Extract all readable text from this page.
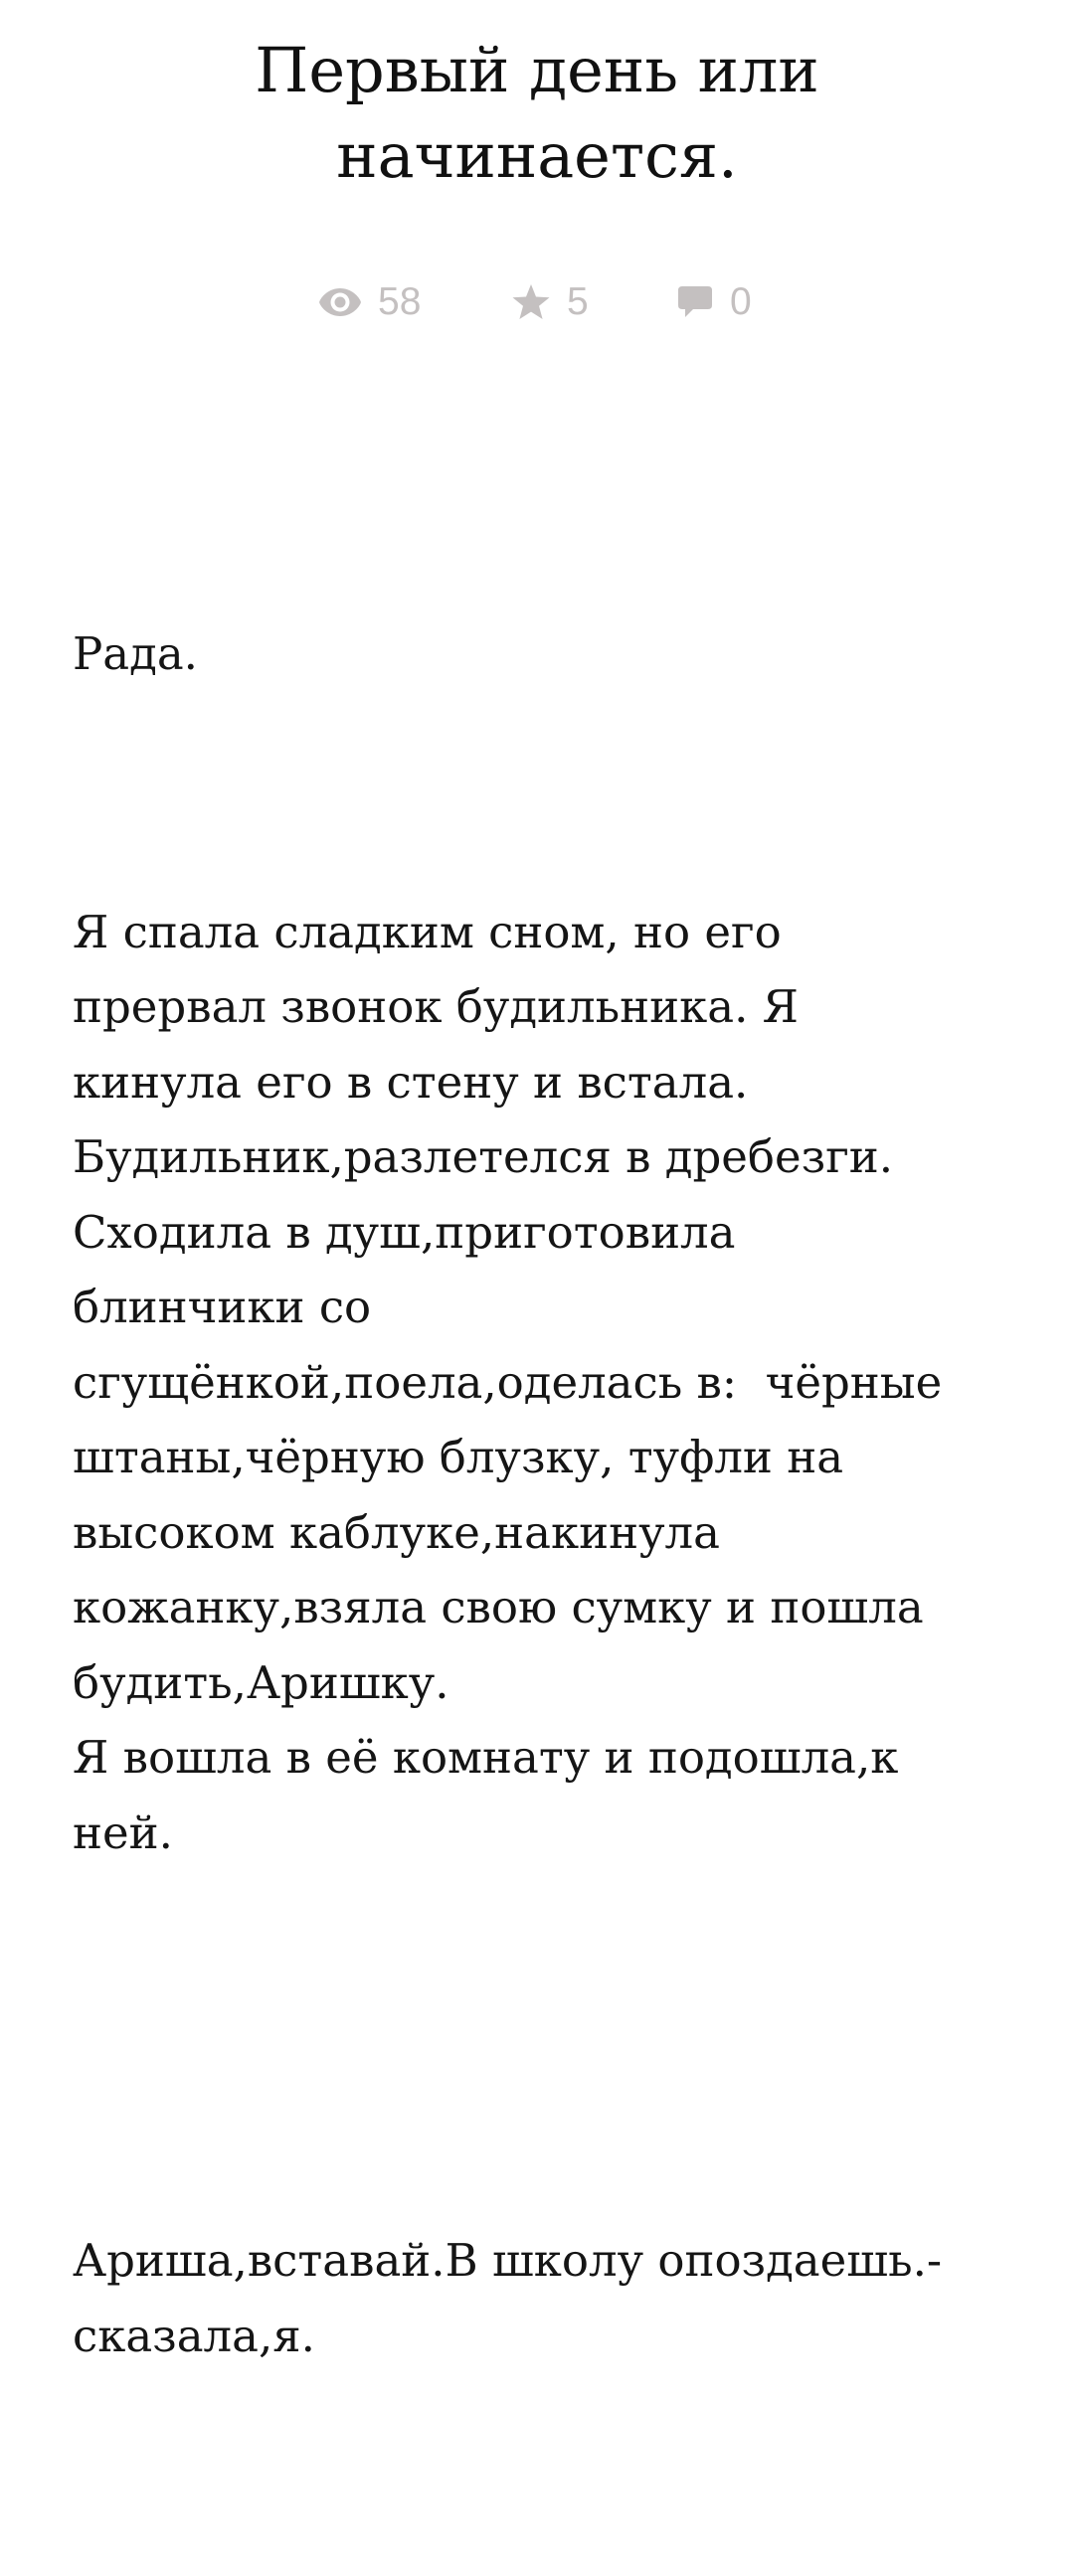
Первый день или
начинается.
58	5	0

Рада.

Я спала сладким сном, но его
прервал звонок будильника. Я
кинула его в стену и встала.
Будильник,разлетелся в дребезги.
Сходила в душ,приготовила
блинчики со
сгущёнкой,поела,оделась в:  чёрные
штаны,чёрную блузку, туфли на
высоком каблуке,накинула
кожанку,взяла свою сумку и пошла
будить,Аришку.
Я вошла в её комнату и подошла,к
ней.

Ариша,вставай.В школу опоздаешь.-
сказала,я.
